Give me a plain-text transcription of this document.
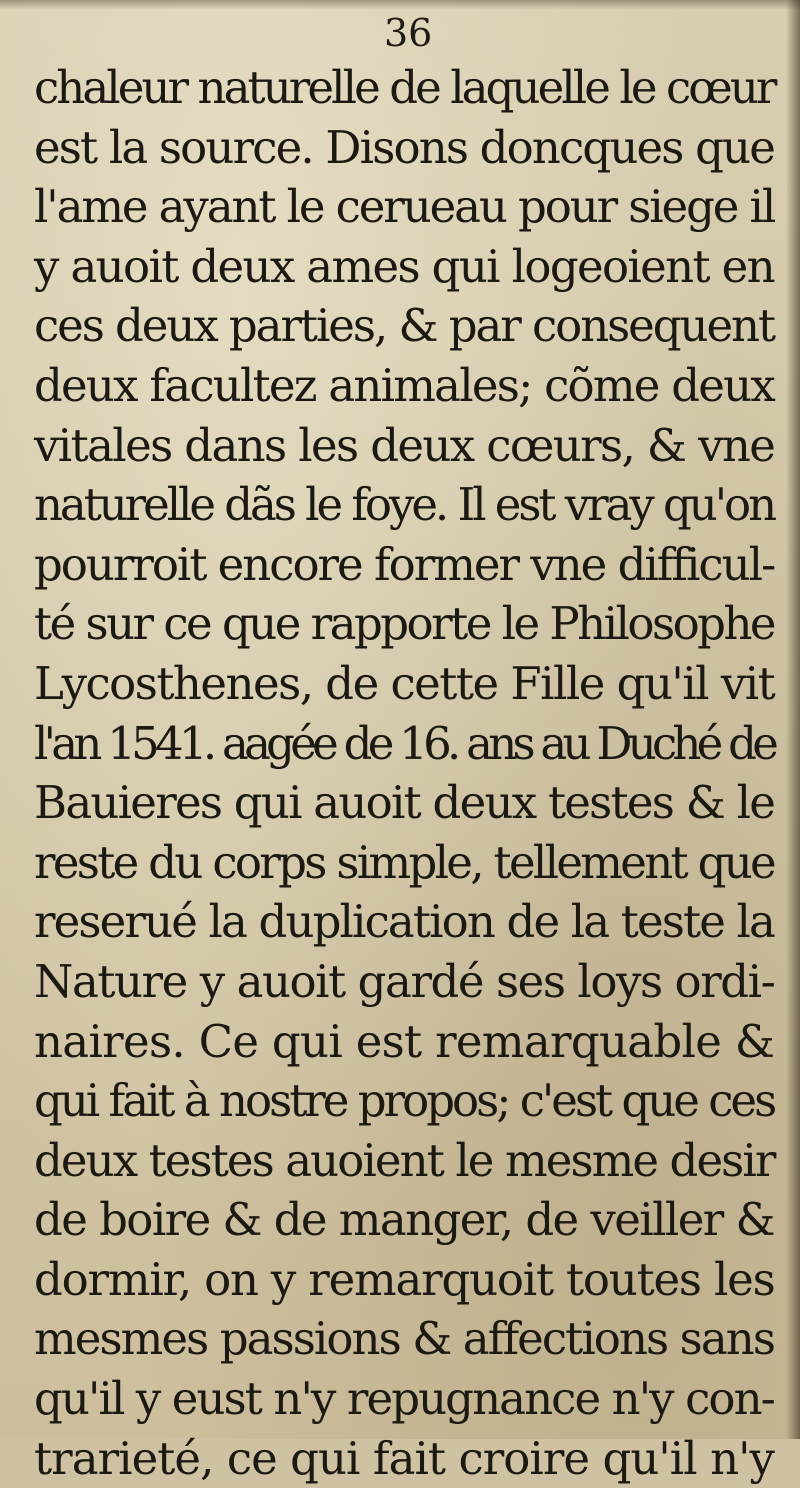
36
chaleur naturelle de laquelle le cœur
est la source. Disons doncques que
l'ame ayant le cerueau pour siege il
y auoit deux ames qui logeoient en
ces deux parties, & par consequent
deux facultez animales; cõme deux
vitales dans les deux cœurs, & vne
naturelle dãs le foye. Il est vray qu'on
pourroit encore former vne difficul-
té sur ce que rapporte le Philosophe
Lycosthenes, de cette Fille qu'il vit
l'an 1541. aagée de 16. ans au Duché de
Bauieres qui auoit deux testes & le
reste du corps simple, tellement que
reserué la duplication de la teste la
Nature y auoit gardé ses loys ordi-
naires. Ce qui est remarquable &
qui fait à nostre propos; c'est que ces
deux testes auoient le mesme desir
de boire & de manger, de veiller &
dormir, on y remarquoit toutes les
mesmes passions & affections sans
qu'il y eust n'y repugnance n'y con-
trarieté, ce qui fait croire qu'il n'y
